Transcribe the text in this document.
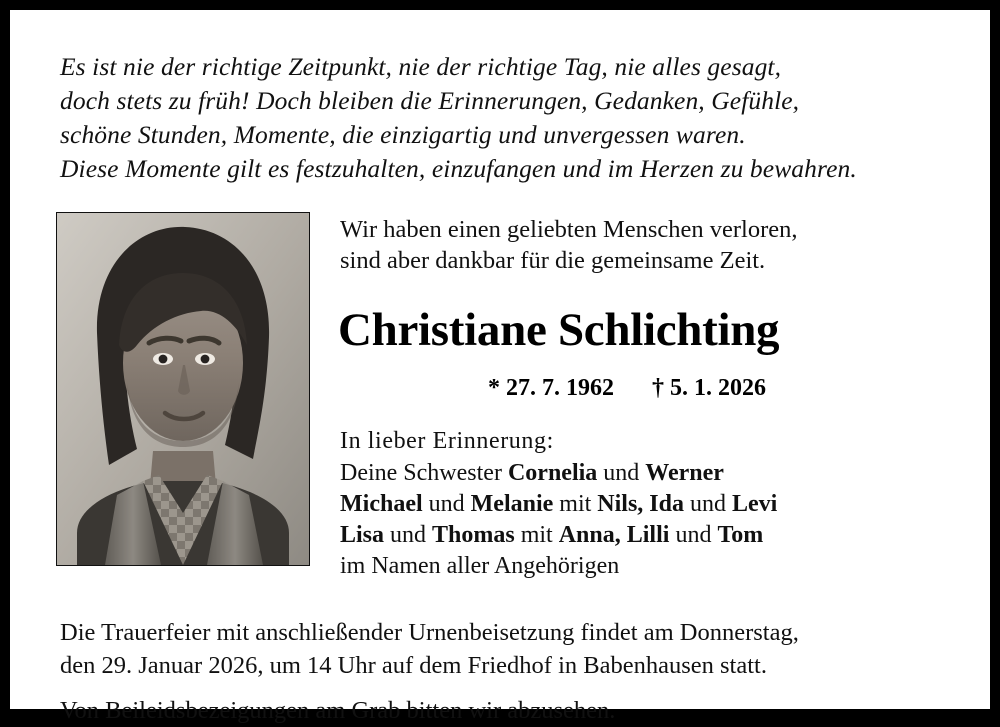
Es ist nie der richtige Zeitpunkt, nie der richtige Tag, nie alles gesagt,
doch stets zu früh! Doch bleiben die Erinnerungen, Gedanken, Gefühle,
schöne Stunden, Momente, die einzigartig und unvergessen waren.
Diese Momente gilt es festzuhalten, einzufangen und im Herzen zu bewahren.
Wir haben einen geliebten Menschen verloren,
sind aber dankbar für die gemeinsame Zeit.
Christiane Schlichting
* 27. 7. 1962 † 5. 1. 2026
In lieber Erinnerung:
Deine Schwester Cornelia und Werner
Michael und Melanie mit Nils, Ida und Levi
Lisa und Thomas mit Anna, Lilli und Tom
im Namen aller Angehörigen
Die Trauerfeier mit anschließender Urnenbeisetzung findet am Donnerstag,
den 29. Januar 2026, um 14 Uhr auf dem Friedhof in Babenhausen statt.
Von Beileidsbezeigungen am Grab bitten wir abzusehen.
